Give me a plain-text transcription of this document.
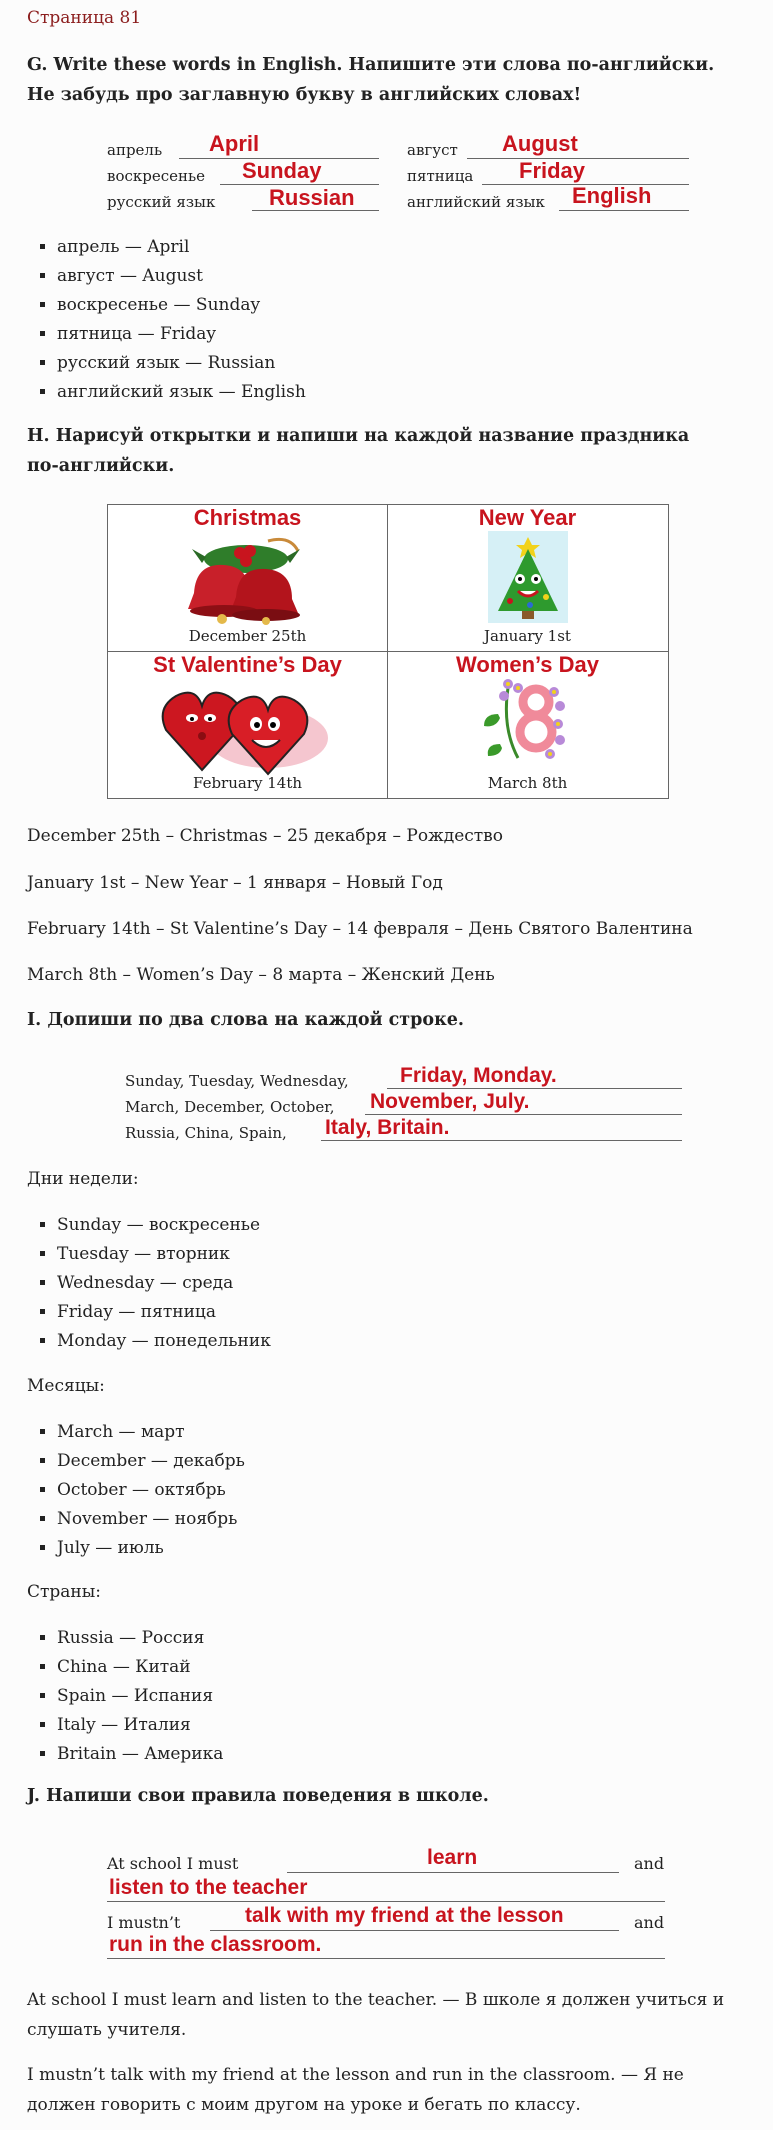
Страница 81
G. Write these words in English. Напишите эти слова по-английски. Не забудь про заглавную букву в английских словах!
апрель April
воскресенье Sunday
русский язык Russian
август August
пятница Friday
английский язык English
▪ апрель — April
▪ август — August
▪ воскресенье — Sunday
▪ пятница — Friday
▪ русский язык — Russian
▪ английский язык — English
H. Нарисуй открытки и напиши на каждой название праздника по-английски.
Christmas
December 25th
New Year
January 1st
St Valentine’s Day
February 14th
Women’s Day
March 8th
December 25th – Christmas – 25 декабря – Рождество
January 1st – New Year – 1 января – Новый Год
February 14th – St Valentine’s Day – 14 февраля – День Святого Валентина
March 8th – Women’s Day – 8 марта – Женский День
I. Допиши по два слова на каждой строке.
Sunday, Tuesday, Wednesday, Friday, Monday.
March, December, October, November, July.
Russia, China, Spain, Italy, Britain.
Дни недели:
▪ Sunday — воскресенье
▪ Tuesday — вторник
▪ Wednesday — среда
▪ Friday — пятница
▪ Monday — понедельник
Месяцы:
▪ March — март
▪ December — декабрь
▪ October — октябрь
▪ November — ноябрь
▪ July — июль
Страны:
▪ Russia — Россия
▪ China — Китай
▪ Spain — Испания
▪ Italy — Италия
▪ Britain — Америка
J. Напиши свои правила поведения в школе.
At school I must	learn	and
listen to the teacher
I mustn’t	talk with my friend at the lesson	and
run in the classroom.
At school I must learn and listen to the teacher. — В школе я должен учиться и слушать учителя.
I mustn’t talk with my friend at the lesson and run in the classroom. — Я не должен говорить с моим другом на уроке и бегать по классу.
